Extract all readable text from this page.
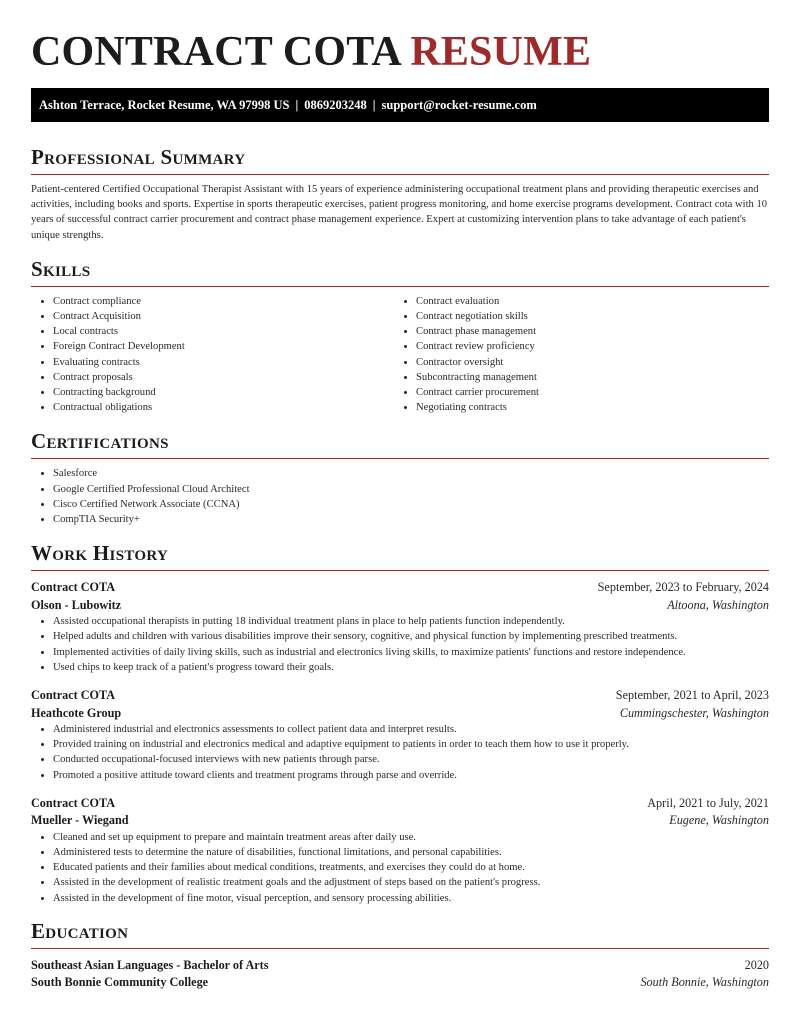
CONTRACT COTA RESUME
Ashton Terrace, Rocket Resume, WA 97998 US | 0869203248 | support@rocket-resume.com
Professional Summary

Patient-centered Certified Occupational Therapist Assistant with 15 years of experience administering occupational treatment plans and providing therapeutic exercises and activities, including books and sports. Expertise in sports therapeutic exercises, patient progress monitoring, and home exercise programs development. Contract cota with 10 years of successful contract carrier procurement and contract phase management experience. Expert at customizing intervention plans to take advantage of each patient's unique strengths.

Skills
• Contract compliance
• Contract Acquisition
• Local contracts
• Foreign Contract Development
• Evaluating contracts
• Contract proposals
• Contracting background
• Contractual obligations
• Contract evaluation
• Contract negotiation skills
• Contract phase management
• Contract review proficiency
• Contractor oversight
• Subcontracting management
• Contract carrier procurement
• Negotiating contracts
Certifications
• Salesforce
• Google Certified Professional Cloud Architect
• Cisco Certified Network Associate (CCNA)
• CompTIA Security+
Work History
Contract COTA	September, 2023 to February, 2024
Olson - Lubowitz	Altoona, Washington
• Assisted occupational therapists in putting 18 individual treatment plans in place to help patients function independently.
• Helped adults and children with various disabilities improve their sensory, cognitive, and physical function by implementing prescribed treatments.
• Implemented activities of daily living skills, such as industrial and electronics living skills, to maximize patients' functions and restore independence.
• Used chips to keep track of a patient's progress toward their goals.
Contract COTA	September, 2021 to April, 2023
Heathcote Group	Cummingschester, Washington
• Administered industrial and electronics assessments to collect patient data and interpret results.
• Provided training on industrial and electronics medical and adaptive equipment to patients in order to teach them how to use it properly.
• Conducted occupational-focused interviews with new patients through parse.
• Promoted a positive attitude toward clients and treatment programs through parse and override.
Contract COTA	April, 2021 to July, 2021
Mueller - Wiegand	Eugene, Washington
• Cleaned and set up equipment to prepare and maintain treatment areas after daily use.
• Administered tests to determine the nature of disabilities, functional limitations, and personal capabilities.
• Educated patients and their families about medical conditions, treatments, and exercises they could do at home.
• Assisted in the development of realistic treatment goals and the adjustment of steps based on the patient's progress.
• Assisted in the development of fine motor, visual perception, and sensory processing abilities.
Education
Southeast Asian Languages - Bachelor of Arts	2020
South Bonnie Community College	South Bonnie, Washington
